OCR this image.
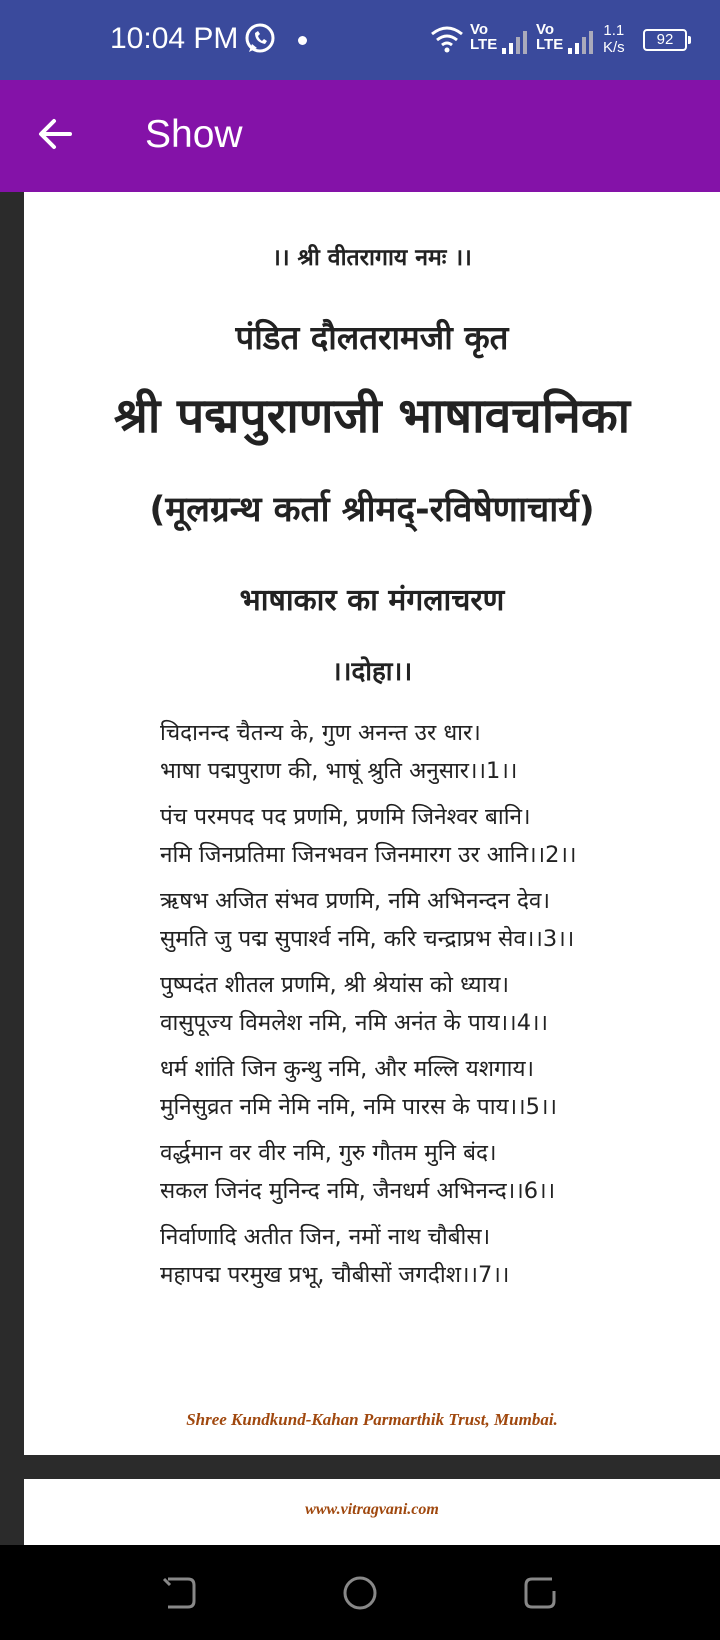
10:04 PM	Vo
LTE
Vo
LTE
1.1
K/s	92
Show
।। श्री वीतरागाय नमः ।।
पंडित दौलतरामजी कृत
श्री पद्मपुराणजी भाषावचनिका
(मूलग्रन्थ कर्ता श्रीमद्-रविषेणाचार्य)
भाषाकार का मंगलाचरण
।।दोहा।।
चिदानन्द चैतन्य के, गुण अनन्त उर धार।
भाषा पद्मपुराण की, भाषूं श्रुति अनुसार।।1।।
पंच परमपद पद प्रणमि, प्रणमि जिनेश्वर बानि।
नमि जिनप्रतिमा जिनभवन जिनमारग उर आनि।।2।।
ऋषभ अजित संभव प्रणमि, नमि अभिनन्दन देव।
सुमति जु पद्म सुपार्श्व नमि, करि चन्द्राप्रभ सेव।।3।।
पुष्पदंत शीतल प्रणमि, श्री श्रेयांस को ध्याय।
वासुपूज्य विमलेश नमि, नमि अनंत के पाय।।4।।
धर्म शांति जिन कुन्थु नमि, और मल्लि यशगाय।
मुनिसुव्रत नमि नेमि नमि, नमि पारस के पाय।।5।।
वर्द्धमान वर वीर नमि, गुरु गौतम मुनि बंद।
सकल जिनंद मुनिन्द नमि, जैनधर्म अभिनन्द।।6।।
निर्वाणादि अतीत जिन, नमों नाथ चौबीस।
महापद्म परमुख प्रभू, चौबीसों जगदीश।।7।।
Shree Kundkund-Kahan Parmarthik Trust, Mumbai.
www.vitragvani.com
